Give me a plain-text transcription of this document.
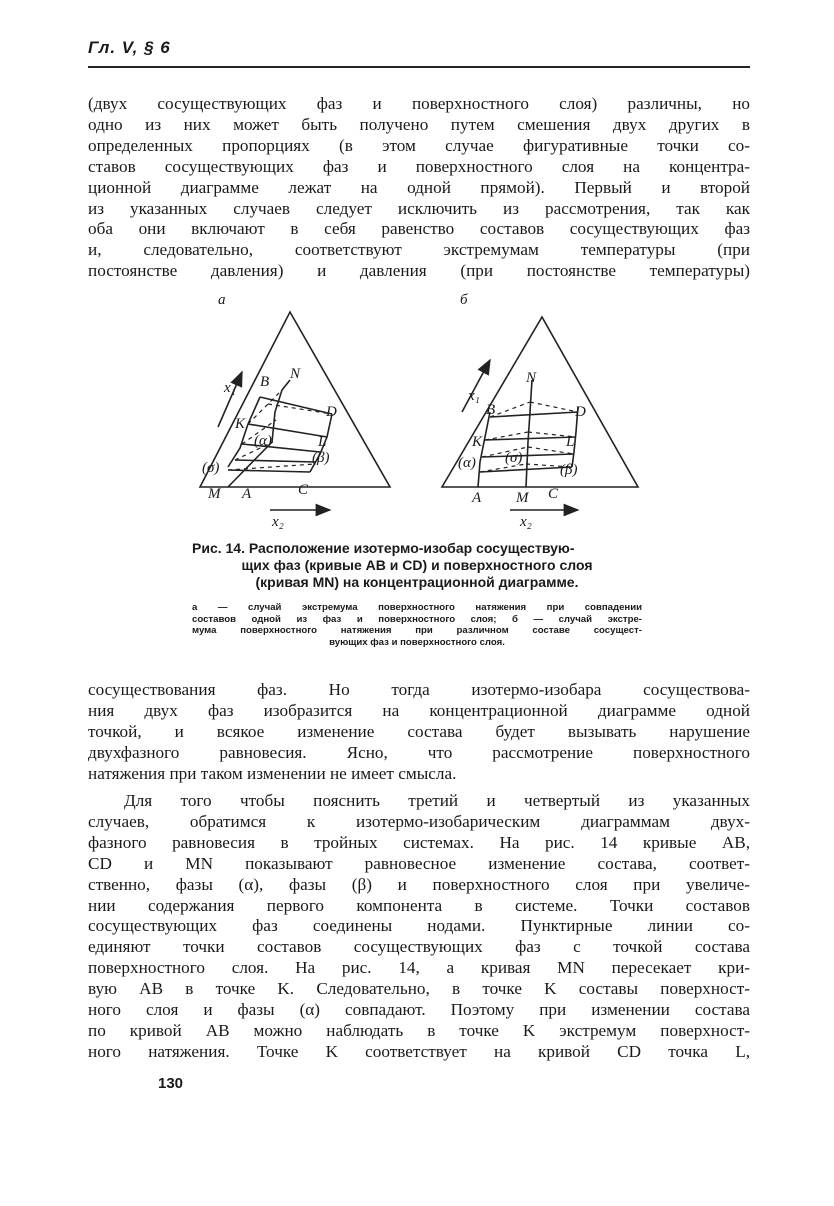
Гл. V, § 6
(двух сосуществующих фаз и поверхностного слоя) различны, но
одно из них может быть получено путем смешения двух других в
определенных пропорциях (в этом случае фигуративные точки со-
ставов сосуществующих фаз и поверхностного слоя на концентра-
ционной диаграмме лежат на одной прямой). Первый и второй
из указанных случаев следует исключить из рассмотрения, так как
оба они включают в себя равенство составов сосуществующих фаз
и, следовательно, соответствуют экстремумам температуры (при
постоянстве давления) и давления (при постоянстве температуры)
а	б
B N
D
K
L
(α)
(β)
(σ)
M A	C
x₁
x₂
N
B	D
K	L
(σ)
(α)	(β)
A M C
x₁
x₂
Рис. 14. Расположение изотермо-изобар сосуществую-
щих фаз (кривые AB и CD) и поверхностного слоя
(кривая MN) на концентрационной диаграмме.
а — случай экстремума поверхностного натяжения при совпадении
составов одной из фаз и поверхностного слоя; б — случай экстре-
мума поверхностного натяжения при различном составе сосущест-
вующих фаз и поверхностного слоя.
сосуществования фаз. Но тогда изотермо-изобара сосуществова-
ния двух фаз изобразится на концентрационной диаграмме одной
точкой, и всякое изменение состава будет вызывать нарушение
двухфазного равновесия. Ясно, что рассмотрение поверхностного
натяжения при таком изменении не имеет смысла.
Для того чтобы пояснить третий и четвертый из указанных
случаев, обратимся к изотермо-изобарическим диаграммам двух-
фазного равновесия в тройных системах. На рис. 14 кривые AB,
CD и MN показывают равновесное изменение состава, соответ-
ственно, фазы (α), фазы (β) и поверхностного слоя при увеличе-
нии содержания первого компонента в системе. Точки составов
сосуществующих фаз соединены нодами. Пунктирные линии со-
единяют точки составов сосуществующих фаз с точкой состава
поверхностного слоя. На рис. 14, а кривая MN пересекает кри-
вую AB в точке K. Следовательно, в точке K составы поверхност-
ного слоя и фазы (α) совпадают. Поэтому при изменении состава
по кривой AB можно наблюдать в точке K экстремум поверхност-
ного натяжения. Точке K соответствует на кривой CD точка L,
130
